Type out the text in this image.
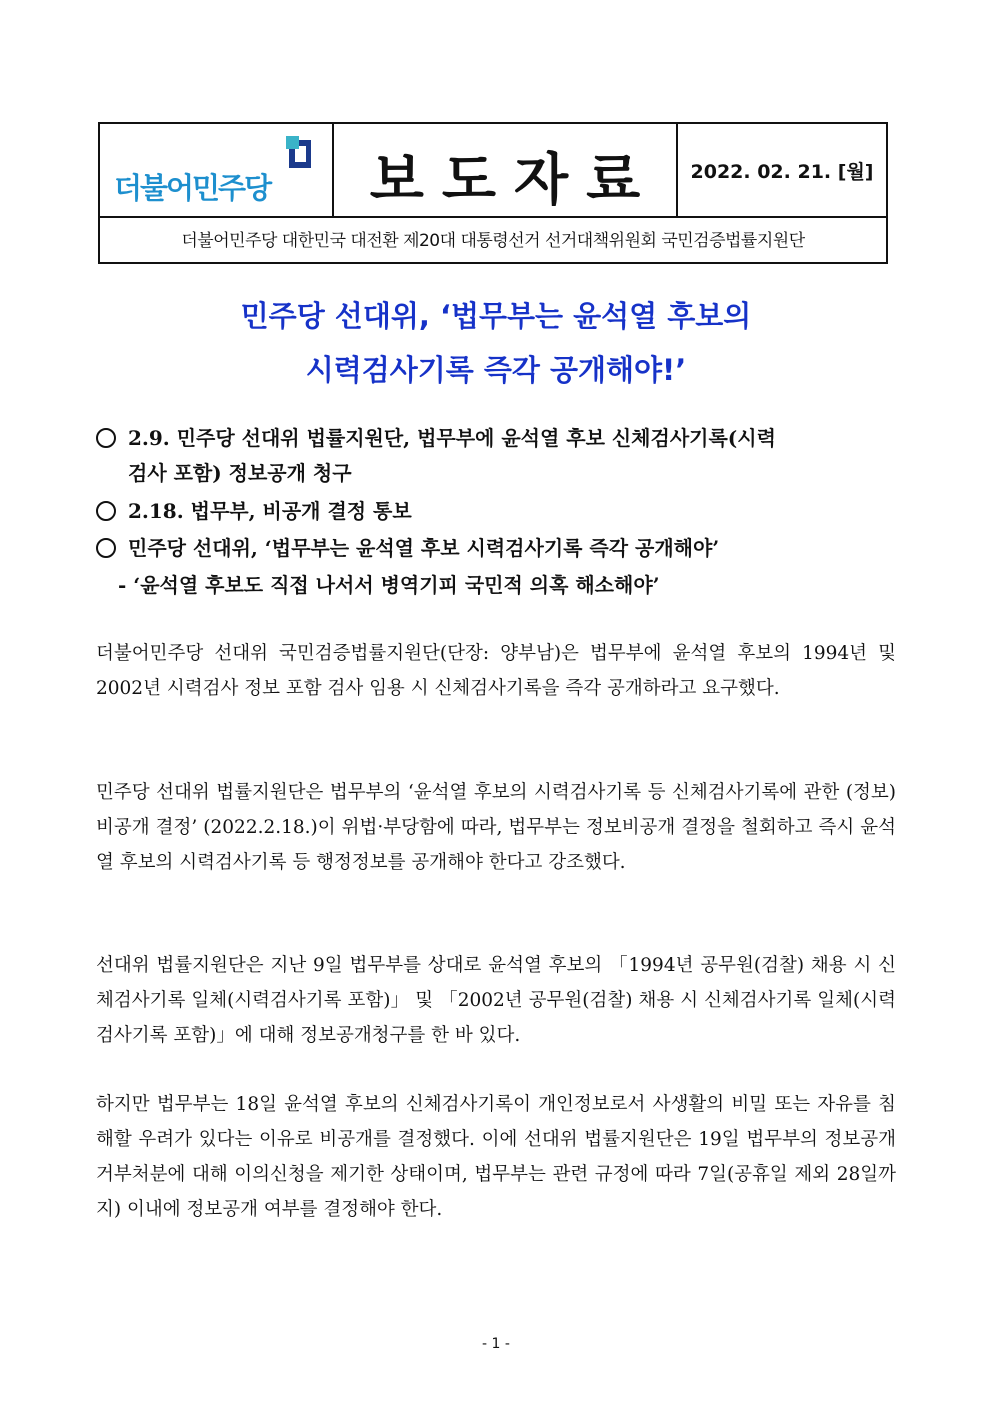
더불어민주당	보도자료	2022. 02. 21. [월]
더불어민주당 대한민국 대전환 제20대 대통령선거 선거대책위원회 국민검증법률지원단
민주당 선대위, ‘법무부는 윤석열 후보의
시력검사기록 즉각 공개해야!’
2.9. 민주당 선대위 법률지원단, 법무부에 윤석열 후보 신체검사기록(시력
검사 포함) 정보공개 청구
2.18. 법무부, 비공개 결정 통보
민주당 선대위, ‘법무부는 윤석열 후보 시력검사기록 즉각 공개해야’
- ‘윤석열 후보도 직접 나서서 병역기피 국민적 의혹 해소해야’

더불어민주당 선대위 국민검증법률지원단(단장: 양부남)은 법무부에 윤석열 후보의 1994년 및 2002년 시력검사 정보 포함 검사 임용 시 신체검사기록을 즉각 공개하라고 요구했다.

민주당 선대위 법률지원단은 법무부의 ‘윤석열 후보의 시력검사기록 등 신체검사기록에 관한 (정보) 비공개 결정’ (2022.2.18.)이 위법·부당함에 따라, 법무부는 정보비공개 결정을 철회하고 즉시 윤석열 후보의 시력검사기록 등 행정정보를 공개해야 한다고 강조했다.

선대위 법률지원단은 지난 9일 법무부를 상대로 윤석열 후보의 「1994년 공무원(검찰) 채용 시 신체검사기록 일체(시력검사기록 포함)」 및 「2002년 공무원(검찰) 채용 시 신체검사기록 일체(시력검사기록 포함)」에 대해 정보공개청구를 한 바 있다.

하지만 법무부는 18일 윤석열 후보의 신체검사기록이 개인정보로서 사생활의 비밀 또는 자유를 침해할 우려가 있다는 이유로 비공개를 결정했다. 이에 선대위 법률지원단은 19일 법무부의 정보공개 거부처분에 대해 이의신청을 제기한 상태이며, 법무부는 관련 규정에 따라 7일(공휴일 제외 28일까지) 이내에 정보공개 여부를 결정해야 한다.

- 1 -
